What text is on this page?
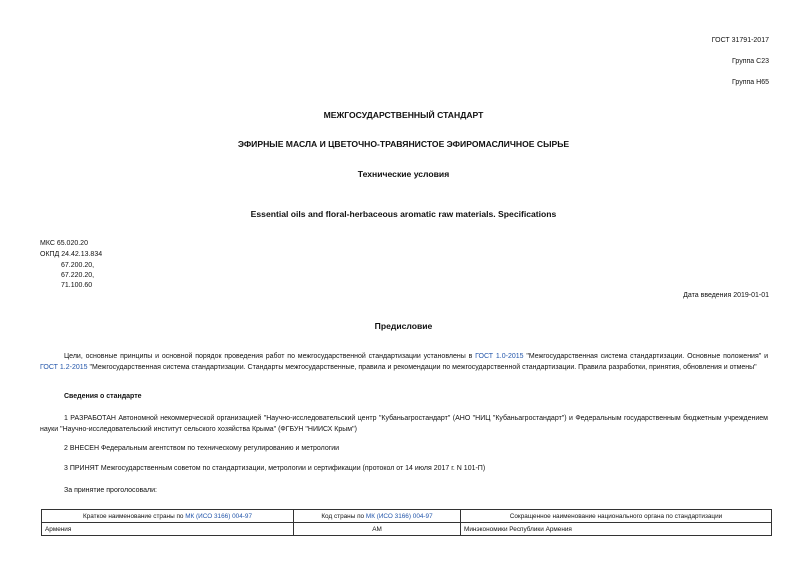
ГОСТ 31791-2017
Группа С23
Группа Н65
МЕЖГОСУДАРСТВЕННЫЙ СТАНДАРТ
ЭФИРНЫЕ МАСЛА И ЦВЕТОЧНО-ТРАВЯНИСТОЕ ЭФИРОМАСЛИЧНОЕ СЫРЬЕ
Технические условия
Essential oils and floral-herbaceous aromatic raw materials. Specifications
МКС 65.020.20
ОКПД 24.42.13.834
67.200.20,
67.220.20,
71.100.60
Дата введения 2019-01-01
Предисловие
Цели, основные принципы и основной порядок проведения работ по межгосударственной стандартизации установлены в ГОСТ 1.0-2015 "Межгосударственная система стандартизации. Основные положения" и ГОСТ 1.2-2015 "Межгосударственная система стандартизации. Стандарты межгосударственные, правила и рекомендации по межгосударственной стандартизации. Правила разработки, принятия, обновления и отмены"
Сведения о стандарте
1 РАЗРАБОТАН Автономной некоммерческой организацией "Научно-исследовательский центр "Кубаньагростандарт" (АНО "НИЦ "Кубаньагростандарт") и Федеральным государственным бюджетным учреждением науки "Научно-исследовательский институт сельского хозяйства Крыма" (ФГБУН "НИИСХ Крым")
2 ВНЕСЕН Федеральным агентством по техническому регулированию и метрологии
3 ПРИНЯТ Межгосударственным советом по стандартизации, метрологии и сертификации (протокол от 14 июля 2017 г. N 101-П)
За принятие проголосовали:
Краткое наименование страны по МК (ИСО 3166) 004-97	Код страны по МК (ИСО 3166) 004-97	Сокращенное наименование национального органа по стандартизации
Армения	AM	Минэкономики Республики Армения
